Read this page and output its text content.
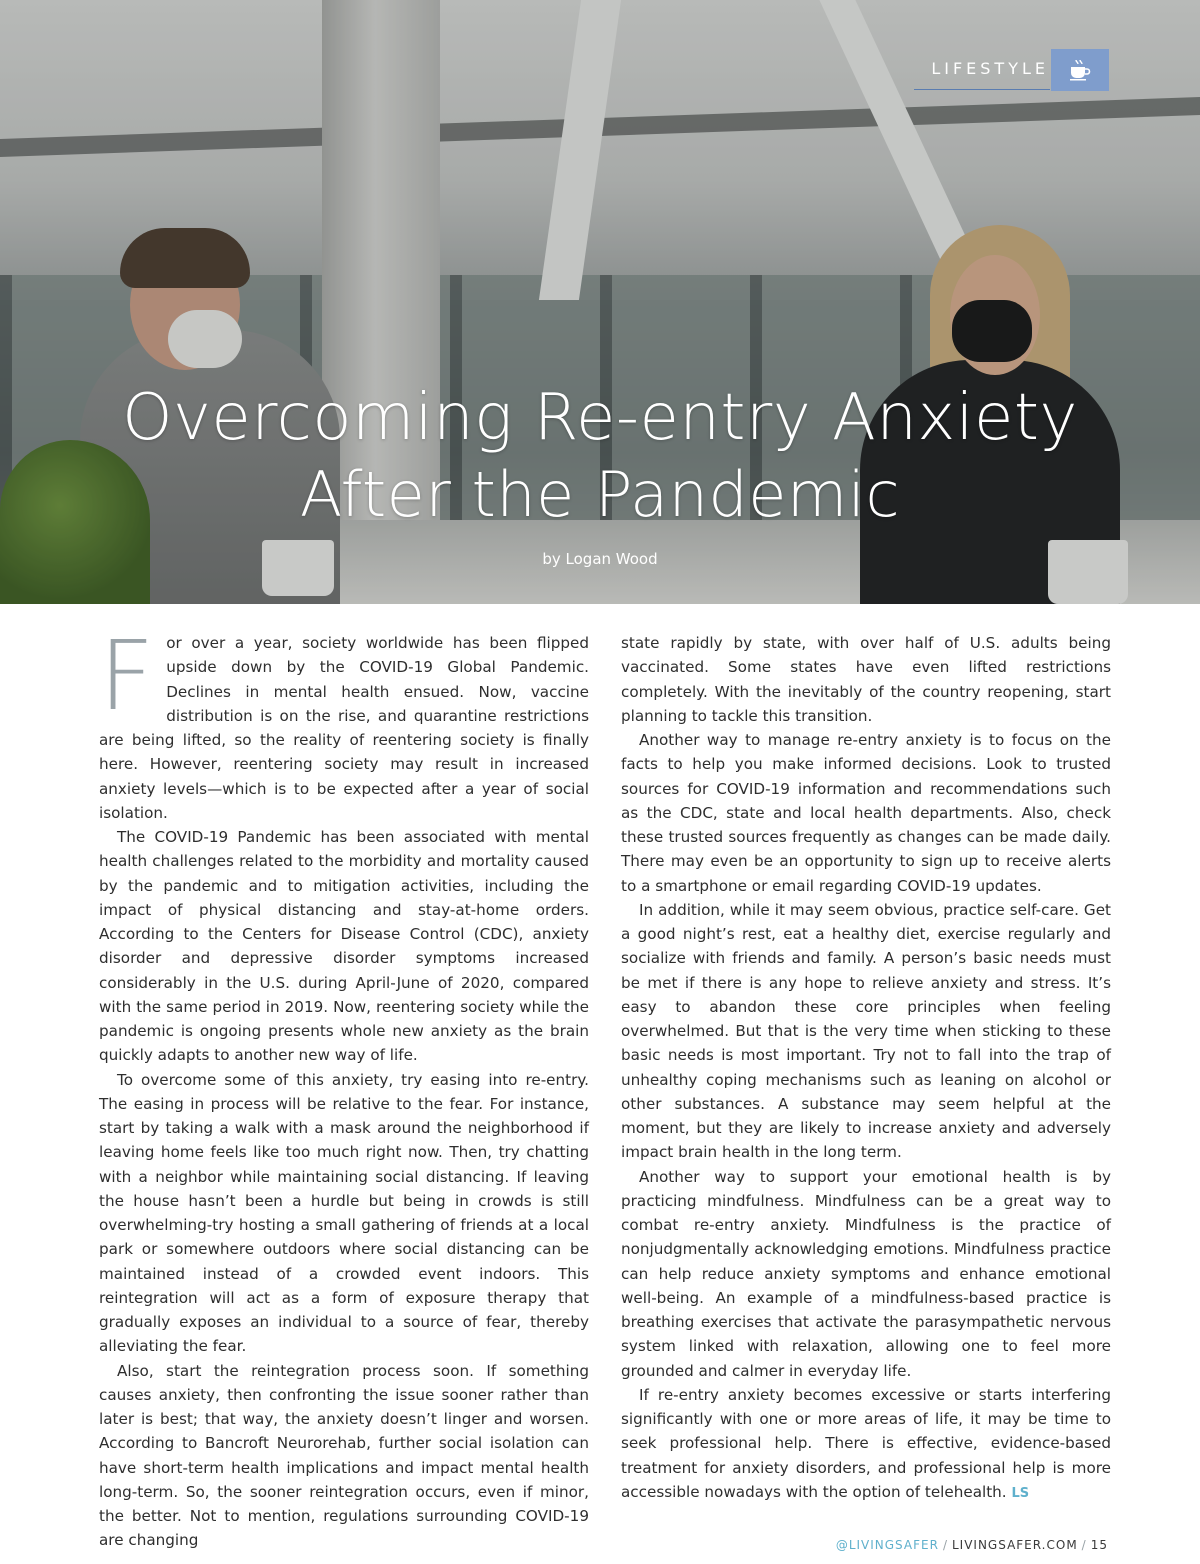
LIFESTYLE
Overcoming Re-entry Anxiety
After the Pandemic
by Logan Wood

For over a year, society worldwide has been flipped upside down by the COVID-19 Global Pandemic. Declines in mental health ensued. Now, vaccine distribution is on the rise, and quarantine restrictions are being lifted, so the reality of reentering society is finally here. However, reentering society may result in increased anxiety levels—which is to be expected after a year of social isolation.

The COVID-19 Pandemic has been associated with mental health challenges related to the morbidity and mortality caused by the pandemic and to mitigation activities, including the impact of physical distancing and stay-at-home orders. According to the Centers for Disease Control (CDC), anxiety disorder and depressive disorder symptoms increased considerably in the U.S. during April-June of 2020, compared with the same period in 2019. Now, reentering society while the pandemic is ongoing presents whole new anxiety as the brain quickly adapts to another new way of life.

To overcome some of this anxiety, try easing into re-entry. The easing in process will be relative to the fear. For instance, start by taking a walk with a mask around the neighborhood if leaving home feels like too much right now. Then, try chatting with a neighbor while maintaining social distancing. If leaving the house hasn’t been a hurdle but being in crowds is still overwhelming-try hosting a small gathering of friends at a local park or somewhere outdoors where social distancing can be maintained instead of a crowded event indoors. This reintegration will act as a form of exposure therapy that gradually exposes an individual to a source of fear, thereby alleviating the fear.

Also, start the reintegration process soon. If something causes anxiety, then confronting the issue sooner rather than later is best; that way, the anxiety doesn’t linger and worsen. According to Bancroft Neurorehab, further social isolation can have short-term health implications and impact mental health long-term. So, the sooner reintegration occurs, even if minor, the better. Not to mention, regulations surrounding COVID-19 are changing

state rapidly by state, with over half of U.S. adults being vaccinated. Some states have even lifted restrictions completely. With the inevitably of the country reopening, start planning to tackle this transition.

Another way to manage re-entry anxiety is to focus on the facts to help you make informed decisions. Look to trusted sources for COVID-19 information and recommendations such as the CDC, state and local health departments. Also, check these trusted sources frequently as changes can be made daily. There may even be an opportunity to sign up to receive alerts to a smartphone or email regarding COVID-19 updates.

In addition, while it may seem obvious, practice self-care. Get a good night’s rest, eat a healthy diet, exercise regularly and socialize with friends and family. A person’s basic needs must be met if there is any hope to relieve anxiety and stress. It’s easy to abandon these core principles when feeling overwhelmed. But that is the very time when sticking to these basic needs is most important. Try not to fall into the trap of unhealthy coping mechanisms such as leaning on alcohol or other substances. A substance may seem helpful at the moment, but they are likely to increase anxiety and adversely impact brain health in the long term.

Another way to support your emotional health is by practicing mindfulness. Mindfulness can be a great way to combat re-entry anxiety. Mindfulness is the practice of nonjudgmentally acknowledging emotions. Mindfulness practice can help reduce anxiety symptoms and enhance emotional well-being. An example of a mindfulness-based practice is breathing exercises that activate the parasympathetic nervous system linked with relaxation, allowing one to feel more grounded and calmer in everyday life.

If re-entry anxiety becomes excessive or starts interfering significantly with one or more areas of life, it may be time to seek professional help. There is effective, evidence-based treatment for anxiety disorders, and professional help is more accessible nowadays with the option of telehealth. LS

@LIVINGSAFER / LIVINGSAFER.COM / 15
